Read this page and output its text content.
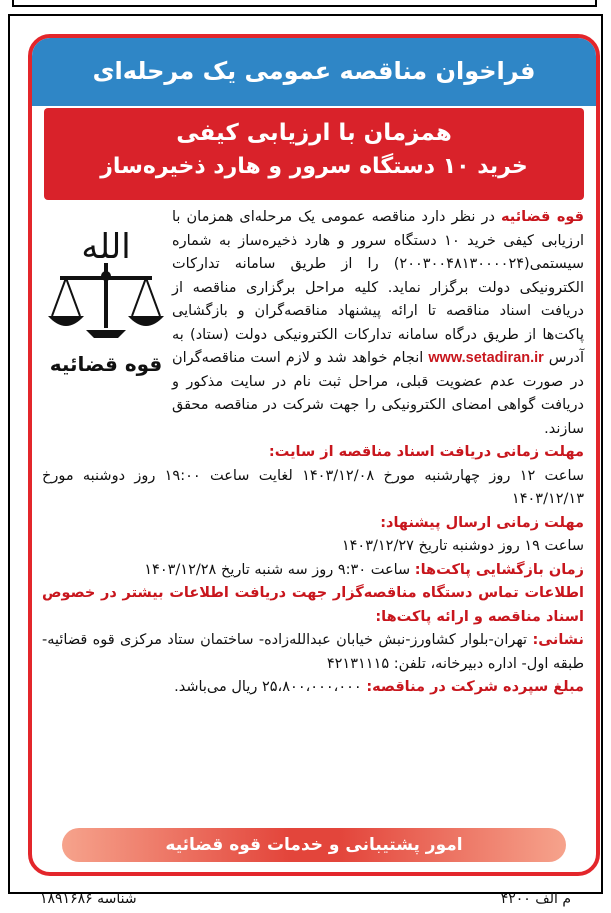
فراخوان مناقصه عمومی یک مرحله‌ای
همزمان با ارزیابی کیفی
خرید ۱۰ دستگاه سرور و هارد ذخیره‌ساز
الله
قوه قضائیه

قوه قضائیه در نظر دارد مناقصه عمومی یک مرحله‌ای همزمان با ارزیابی کیفی خرید ۱۰ دستگاه سرور و هارد ذخیره‌ساز به شماره سیستمی(۲۰۰۳۰۰۴۸۱۳۰۰۰۰۲۴) را از طریق سامانه تدارکات الکترونیکی دولت برگزار نماید. کلیه مراحل برگزاری مناقصه از دریافت اسناد مناقصه تا ارائه پیشنهاد مناقصه‌گران و بازگشایی پاکت‌ها از طریق درگاه سامانه تدارکات الکترونیکی دولت (ستاد) به آدرس www.setadiran.ir انجام خواهد شد و لازم است مناقصه‌گران در صورت عدم عضویت قبلی، مراحل ثبت نام در سایت مذکور و دریافت گواهی امضای الکترونیکی را جهت شرکت در مناقصه محقق سازند.

مهلت زمانی دریافت اسناد مناقصه از سایت:

ساعت ۱۲ روز چهارشنبه مورخ ۱۴۰۳/۱۲/۰۸ لغایت ساعت ۱۹:۰۰ روز دوشنبه مورخ ۱۴۰۳/۱۲/۱۳

مهلت زمانی ارسال پیشنهاد:

ساعت ۱۹ روز دوشنبه تاریخ ۱۴۰۳/۱۲/۲۷

زمان بازگشایی پاکت‌ها: ساعت ۹:۳۰ روز سه شنبه تاریخ ۱۴۰۳/۱۲/۲۸

اطلاعات تماس دستگاه مناقصه‌گزار جهت دریافت اطلاعات بیشتر در خصوص اسناد مناقصه و ارائه پاکت‌ها:

نشانی: تهران-بلوار کشاورز-نبش خیابان عبدالله‌زاده- ساختمان ستاد مرکزی قوه قضائیه- طبقه اول- اداره دبیرخانه، تلفن: ۴۲۱۳۱۱۱۵

مبلغ سپرده شرکت در مناقصه: ۲۵،۸۰۰،۰۰۰،۰۰۰ ریال می‌باشد.

امور پشتیبانی و خدمات قوه قضائیه
م الف ۴۲۰۰
شناسه ۱۸۹۱۶۸۶
